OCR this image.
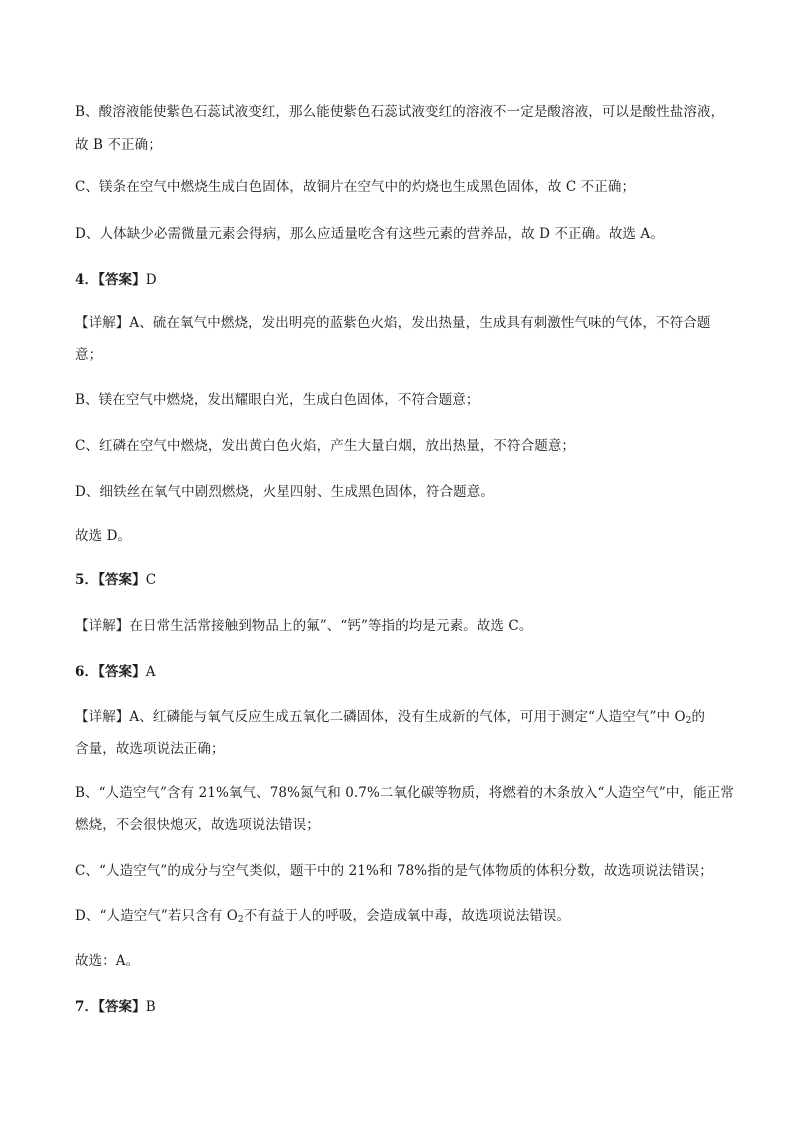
B、酸溶液能使紫色石蕊试液变红，那么能使紫色石蕊试液变红的溶液不一定是酸溶液，可以是酸性盐溶液，
故 B 不正确；
C、镁条在空气中燃烧生成白色固体，故铜片在空气中的灼烧也生成黑色固体，故 C 不正确；
D、人体缺少必需微量元素会得病，那么应适量吃含有这些元素的营养品，故 D 不正确。故选 A。
4．【答案】D
【详解】A、硫在氧气中燃烧，发出明亮的蓝紫色火焰，发出热量，生成具有刺激性气味的气体，不符合题
意；
B、镁在空气中燃烧，发出耀眼白光，生成白色固体，不符合题意；
C、红磷在空气中燃烧，发出黄白色火焰，产生大量白烟，放出热量，不符合题意；
D、细铁丝在氧气中剧烈燃烧，火星四射、生成黑色固体，符合题意。
故选 D。
5．【答案】C
【详解】在日常生活常接触到物品上的氟”、“钙”等指的均是元素。故选 C。
6．【答案】A
【详解】A、红磷能与氧气反应生成五氧化二磷固体，没有生成新的气体，可用于测定“人造空气”中 $O_2$的
含量，故选项说法正确；
B、“人造空气”含有 21%氧气、78%氮气和 0.7%二氧化碳等物质，将燃着的木条放入“人造空气”中，能正常
燃烧，不会很快熄灭，故选项说法错误；
C、“人造空气”的成分与空气类似，题干中的 21%和 78%指的是气体物质的体积分数，故选项说法错误；
D、“人造空气”若只含有 $O_2$不有益于人的呼吸，会造成氧中毒，故选项说法错误。
故选：A。
7．【答案】B
